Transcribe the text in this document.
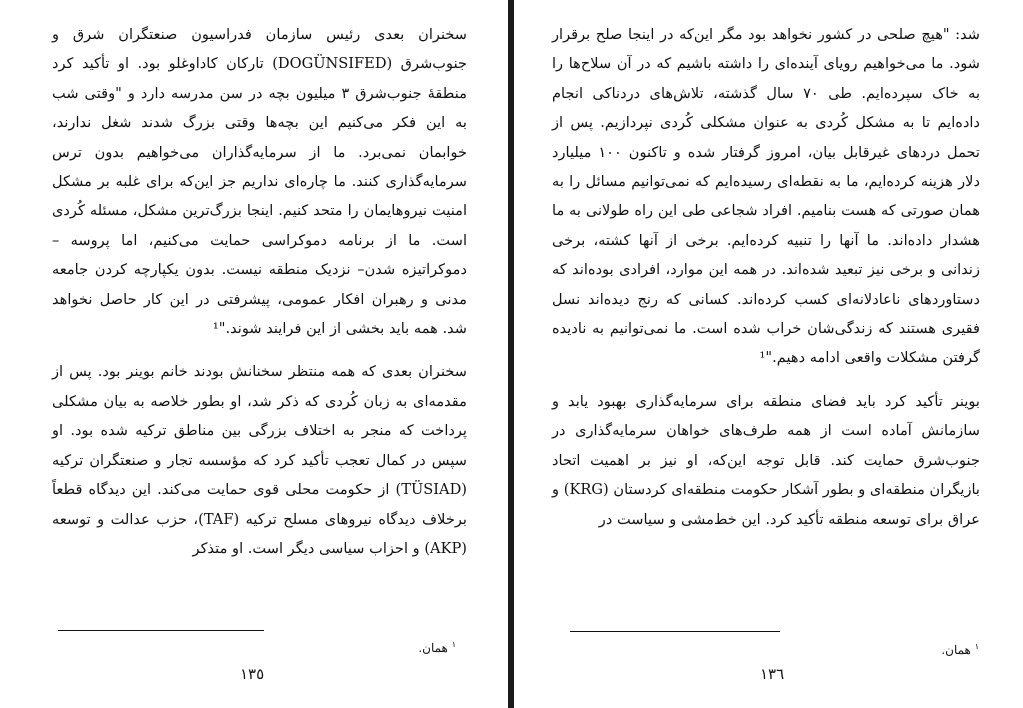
سخنران بعدی رئیس سازمان فدراسیون صنعتگران شرق و جنوب‌شرق (DOGÜNSIFED) تارکان کاداوغلو بود. او تأکید کرد منطقهٔ جنوب‌شرق ۳ میلیون بچه در سن مدرسه دارد و "وقتی شب به این فکر می‌کنیم این بچه‌ها وقتی بزرگ شدند شغل ندارند، خوابمان نمی‌برد. ما از سرمایه‌گذاران می‌خواهیم بدون ترس سرمایه‌گذاری کنند. ما چاره‌ای نداریم جز این‌که برای غلبه بر مشکل امنیت نیروهایمان را متحد کنیم. اینجا بزرگ‌ترین مشکل، مسئله کُردی است. ما از برنامه دموکراسی حمایت می‌کنیم، اما پروسه –دموکراتیزه شدن– نزدیک منطقه نیست. بدون یکپارچه کردن جامعه مدنی و رهبران افکار عمومی، پیشرفتی در این کار حاصل نخواهد شد. همه باید بخشی از این فرایند شوند."¹

سخنران بعدی که همه منتظر سخنانش بودند خانم بوینر بود. پس از مقدمه‌ای به زبان کُردی که ذکر شد، او بطور خلاصه به بیان مشکلی پرداخت که منجر به اختلاف بزرگی بین مناطق ترکیه شده بود. او سپس در کمال تعجب تأکید کرد که مؤسسه تجار و صنعتگران ترکیه (TÜSIAD) از حکومت محلی قوی حمایت می‌کند. این دیدگاه قطعاً برخلاف دیدگاه نیروهای مسلح ترکیه (TAF)، حزب عدالت و توسعه (AKP) و احزاب سیاسی دیگر است. او متذکر

$^١$ همان.
١٣٥

شد: "هیچ صلحی در کشور نخواهد بود مگر این‌که در اینجا صلح برقرار شود. ما می‌خواهیم رویای آینده‌ای را داشته باشیم که در آن سلاح‌ها را به خاک سپرده‌ایم. طی ۷۰ سال گذشته، تلاش‌های دردناکی انجام داده‌ایم تا به مشکل کُردی به عنوان مشکلی کُردی نپردازیم. پس از تحمل دردهای غیرقابل بیان، امروز گرفتار شده و تاکنون ۱۰۰ میلیارد دلار هزینه کرده‌ایم، ما به نقطه‌ای رسیده‌ایم که نمی‌توانیم مسائل را به همان صورتی که هست بنامیم. افراد شجاعی طی این راه طولانی به ما هشدار داده‌اند. ما آنها را تنبیه کرده‌ایم. برخی از آنها کشته، برخی زندانی و برخی نیز تبعید شده‌اند. در همه این موارد، افرادی بوده‌اند که دستاوردهای ناعادلانه‌ای کسب کرده‌اند. کسانی که رنج دیده‌اند نسل فقیری هستند که زندگی‌شان خراب شده است. ما نمی‌توانیم به نادیده گرفتن مشکلات واقعی ادامه دهیم."¹

بوینر تأکید کرد باید فضای منطقه برای سرمایه‌گذاری بهبود یابد و سازمانش آماده است از همه طرف‌های خواهان سرمایه‌گذاری در جنوب‌شرق حمایت کند. قابل توجه این‌که، او نیز بر اهمیت اتحاد بازیگران منطقه‌ای و بطور آشکار حکومت منطقه‌ای کردستان (KRG) و عراق برای توسعه منطقه تأکید کرد. این خط‌مشی و سیاست در

$^١$ همان.
١٣٦
